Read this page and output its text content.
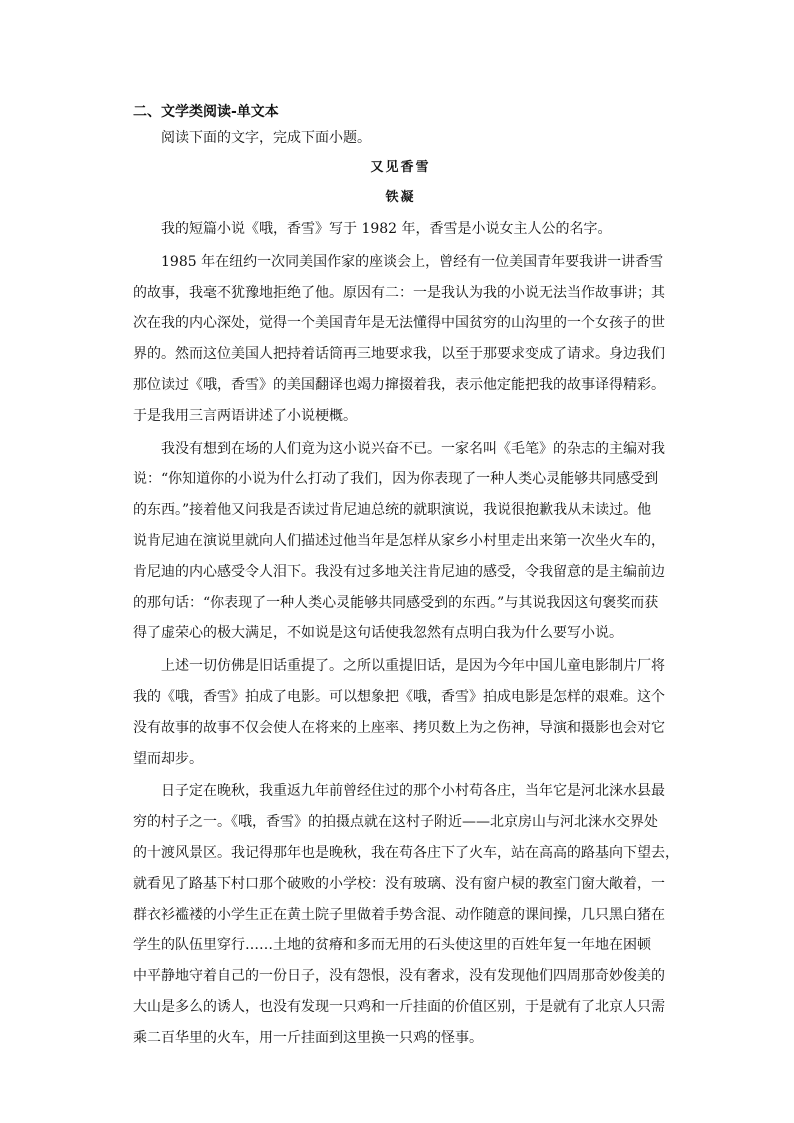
二、文学类阅读-单文本

阅读下面的文字，完成下面小题。

又见香雪

铁凝

我的短篇小说《哦，香雪》写于 1982 年，香雪是小说女主人公的名字。

1985 年在纽约一次同美国作家的座谈会上，曾经有一位美国青年要我讲一讲香雪
的故事，我毫不犹豫地拒绝了他。原因有二：一是我认为我的小说无法当作故事讲；其
次在我的内心深处，觉得一个美国青年是无法懂得中国贫穷的山沟里的一个女孩子的世
界的。然而这位美国人把持着话筒再三地要求我，以至于那要求变成了请求。身边我们
那位读过《哦，香雪》的美国翻译也竭力撺掇着我，表示他定能把我的故事译得精彩。
于是我用三言两语讲述了小说梗概。

我没有想到在场的人们竟为这小说兴奋不已。一家名叫《毛笔》的杂志的主编对我
说：“你知道你的小说为什么打动了我们，因为你表现了一种人类心灵能够共同感受到
的东西。”接着他又问我是否读过肯尼迪总统的就职演说，我说很抱歉我从未读过。他
说肯尼迪在演说里就向人们描述过他当年是怎样从家乡小村里走出来第一次坐火车的，
肯尼迪的内心感受令人泪下。我没有过多地关注肯尼迪的感受，令我留意的是主编前边
的那句话：“你表现了一种人类心灵能够共同感受到的东西。”与其说我因这句褒奖而获
得了虚荣心的极大满足，不如说是这句话使我忽然有点明白我为什么要写小说。

上述一切仿佛是旧话重提了。之所以重提旧话，是因为今年中国儿童电影制片厂将
我的《哦，香雪》拍成了电影。可以想象把《哦，香雪》拍成电影是怎样的艰难。这个
没有故事的故事不仅会使人在将来的上座率、拷贝数上为之伤神，导演和摄影也会对它
望而却步。

日子定在晚秋，我重返九年前曾经住过的那个小村苟各庄，当年它是河北涞水县最
穷的村子之一。《哦，香雪》的拍摄点就在这村子附近——北京房山与河北涞水交界处
的十渡风景区。我记得那年也是晚秋，我在苟各庄下了火车，站在高高的路基向下望去，
就看见了路基下村口那个破败的小学校：没有玻璃、没有窗户棂的教室门窗大敞着，一
群衣衫褴褛的小学生正在黄土院子里做着手势含混、动作随意的课间操，几只黑白猪在
学生的队伍里穿行……土地的贫瘠和多而无用的石头使这里的百姓年复一年地在困顿
中平静地守着自己的一份日子，没有怨恨，没有奢求，没有发现他们四周那奇妙俊美的
大山是多么的诱人，也没有发现一只鸡和一斤挂面的价值区别，于是就有了北京人只需
乘二百华里的火车，用一斤挂面到这里换一只鸡的怪事。
